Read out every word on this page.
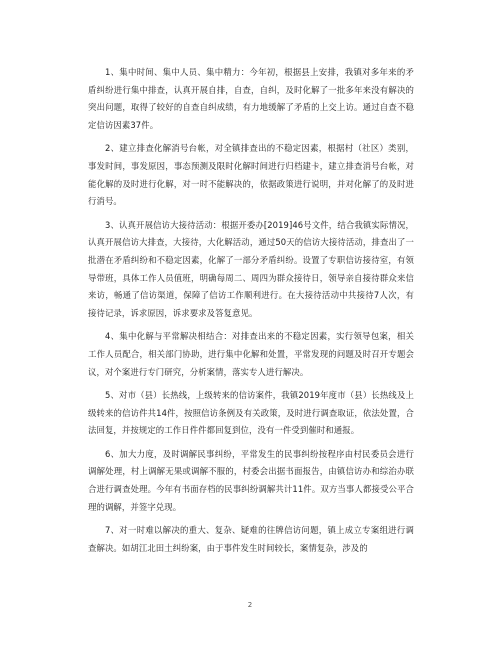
1、集中时间、集中人员、集中精力：今年初，根据县上安排，我镇对多年来的矛盾纠纷进行集中排查，认真开展自排，自查，自纠，及时化解了一批多年来没有解决的突出问题，取得了较好的自查自纠成绩，有力地缓解了矛盾的上交上访。通过自查不稳定信访因素37件。

2、建立排查化解消号台帐，对全镇排查出的不稳定因素，根据村（社区）类别，事发时间，事发原因，事态预测及限时化解时间进行归档建卡，建立排查消号台帐，对能化解的及时进行化解，对一时不能解决的，依据政策进行说明，并对化解了的及时进行消号。

3、认真开展信访大接待活动：根据开委办[2019]46号文件，结合我镇实际情况，认真开展信访大排查，大接待，大化解活动，通过50天的信访大接待活动，排查出了一批潜在矛盾纠纷和不稳定因素，化解了一部分矛盾纠纷。设置了专职信访接待室，有领导带班，具体工作人员值班，明确每周二、周四为群众接待日，领导亲自接待群众来信来访，畅通了信访渠道，保障了信访工作顺利进行。在大接待活动中共接待7人次，有接待记录，诉求原因，诉求要求及答复意见。

4、集中化解与平常解决相结合：对排查出来的不稳定因素，实行领导包案，相关工作人员配合，相关部门协助，进行集中化解和处置，平常发现的问题及时召开专题会议，对个案进行专门研究，分析案情，落实专人进行解决。

5、对市（县）长热线，上级转来的信访案件，我镇2019年度市（县）长热线及上级转来的信访件共14件，按照信访条例及有关政策，及时进行调查取证，依法处置，合法回复，并按规定的工作日件件都回复到位，没有一件受到催时和通报。

6、加大力度，及时调解民事纠纷，平常发生的民事纠纷按程序由村民委员会进行调解处理，村上调解无果或调解不服的，村委会出据书面报告，由镇信访办和综治办联合进行调查处理。今年有书面存档的民事纠纷调解共计11件。双方当事人都接受公平合理的调解，并签字兑现。

7、对一时难以解决的重大、复杂、疑难的往牌信访问题，镇上成立专案组进行调查解决。如胡江北田土纠纷案，由于事件发生时间较长，案情复杂，涉及的

2
